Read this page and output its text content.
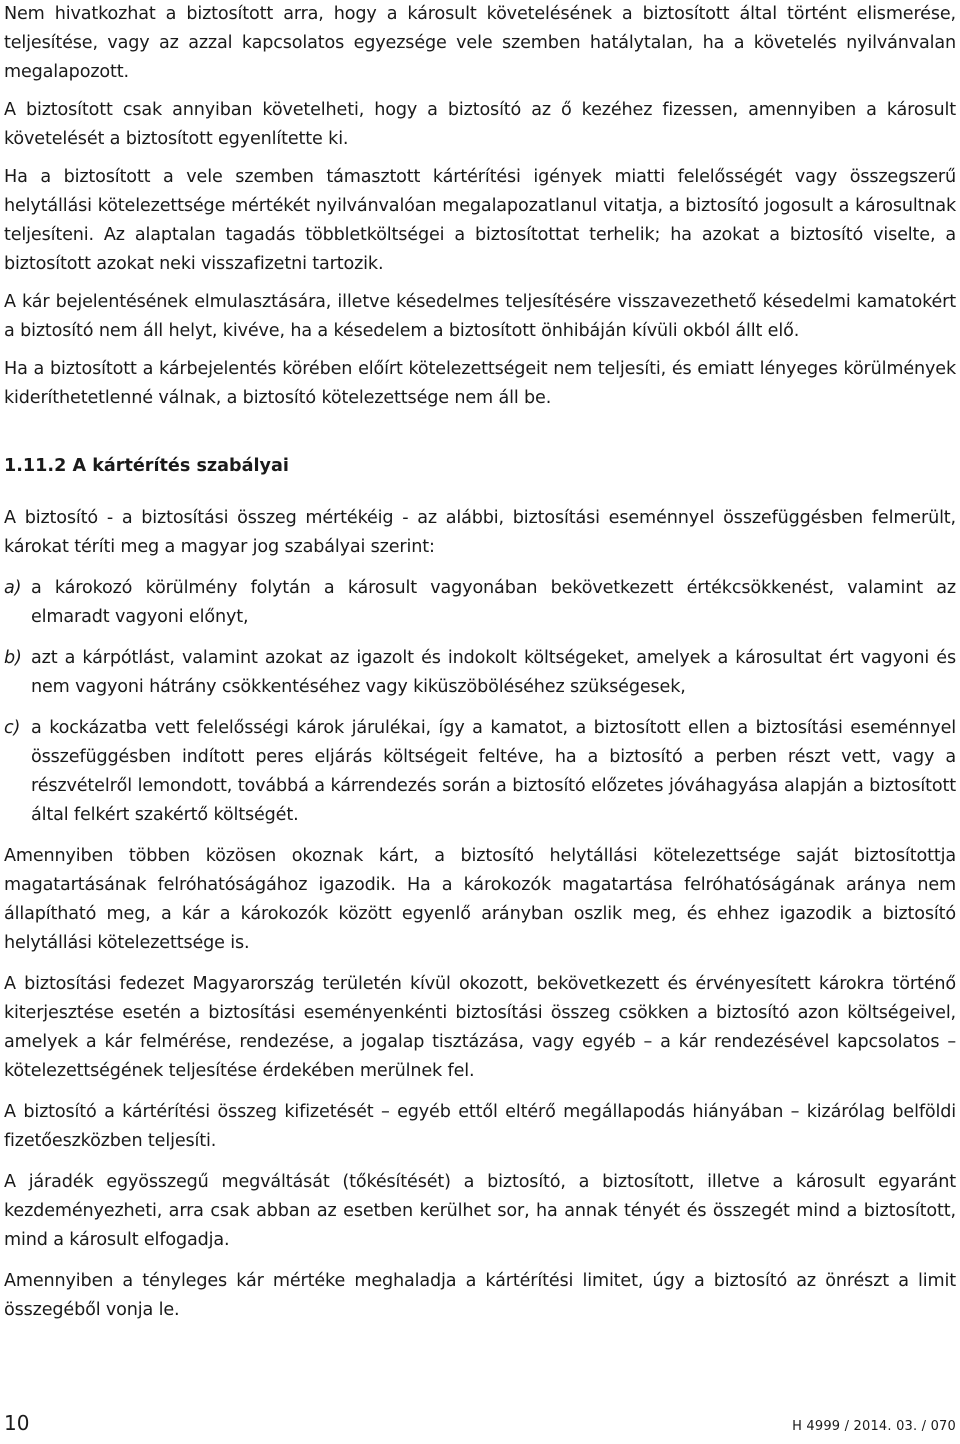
Nem hivatkozhat a biztosított arra, hogy a károsult követelésének a biztosított által történt elismerése, teljesítése, vagy az azzal kapcsolatos egyezsége vele szemben hatálytalan, ha a követelés nyilvánvalan megalapozott.

A biztosított csak annyiban követelheti, hogy a biztosító az ő kezéhez fizessen, amennyiben a károsult követelését a biztosított egyenlítette ki.

Ha a biztosított a vele szemben támasztott kártérítési igények miatti felelősségét vagy összegszerű helytállási kötelezettsége mértékét nyilvánvalóan megalapozatlanul vitatja, a biztosító jogosult a károsultnak teljesíteni. Az alaptalan tagadás többletköltségei a biztosítottat terhelik; ha azokat a biztosító viselte, a biztosított azokat neki visszafizetni tartozik.

A kár bejelentésének elmulasztására, illetve késedelmes teljesítésére visszavezethető késedelmi kamatokért a biztosító nem áll helyt, kivéve, ha a késedelem a biztosított önhibáján kívüli okból állt elő.

Ha a biztosított a kárbejelentés körében előírt kötelezettségeit nem teljesíti, és emiatt lényeges körülmények kideríthetetlenné válnak, a biztosító kötelezettsége nem áll be.

1.11.2 A kártérítés szabályai

A biztosító - a biztosítási összeg mértékéig - az alábbi, biztosítási eseménnyel összefüggésben felmerült, károkat téríti meg a magyar jog szabályai szerint:

a) a károkozó körülmény folytán a károsult vagyonában bekövetkezett értékcsökkenést, valamint az elmaradt vagyoni előnyt,

b) azt a kárpótlást, valamint azokat az igazolt és indokolt költségeket, amelyek a károsultat ért vagyoni és nem vagyoni hátrány csökkentéséhez vagy kiküszöböléséhez szükségesek,

c) a kockázatba vett felelősségi károk járulékai, így a kamatot, a biztosított ellen a biztosítási eseménnyel összefüggésben indított peres eljárás költségeit feltéve, ha a biztosító a perben részt vett, vagy a részvételről lemondott, továbbá a kárrendezés során a biztosító előzetes jóváhagyása alapján a biztosított által felkért szakértő költségét.

Amennyiben többen közösen okoznak kárt, a biztosító helytállási kötelezettsége saját biztosítottja magatartásának felróhatóságához igazodik. Ha a károkozók magatartása felróhatóságának aránya nem állapítható meg, a kár a károkozók között egyenlő arányban oszlik meg, és ehhez igazodik a biztosító helytállási kötelezettsége is.

A biztosítási fedezet Magyarország területén kívül okozott, bekövetkezett és érvényesített károkra történő kiterjesztése esetén a biztosítási eseményenkénti biztosítási összeg csökken a biztosító azon költségeivel, amelyek a kár felmérése, rendezése, a jogalap tisztázása, vagy egyéb – a kár rendezésével kapcsolatos – kötelezettségének teljesítése érdekében merülnek fel.

A biztosító a kártérítési összeg kifizetését – egyéb ettől eltérő megállapodás hiányában – kizárólag belföldi fizetőeszközben teljesíti.

A járadék egyösszegű megváltását (tőkésítését) a biztosító, a biztosított, illetve a károsult egyaránt kezdeményezheti, arra csak abban az esetben kerülhet sor, ha annak tényét és összegét mind a biztosított, mind a károsult elfogadja.

Amennyiben a tényleges kár mértéke meghaladja a kártérítési limitet, úgy a biztosító az önrészt a limit összegéből vonja le.

10	H 4999 / 2014. 03. / 070
